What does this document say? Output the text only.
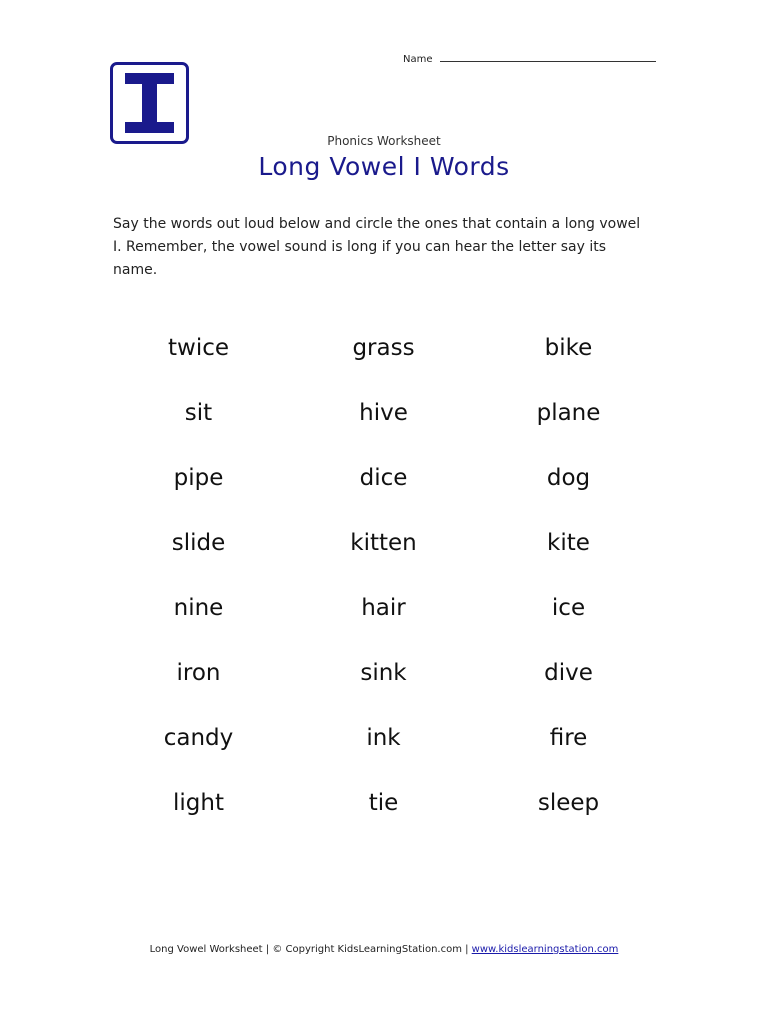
Name
Phonics Worksheet
Long Vowel I Words
Say the words out loud below and circle the ones that contain a long vowel I. Remember, the vowel sound is long if you can hear the letter say its name.
twice	grass	bike
sit	hive	plane
pipe	dice	dog
slide	kitten	kite
nine	hair	ice
iron	sink	dive
candy	ink	fire
light	tie	sleep
Long Vowel Worksheet | © Copyright KidsLearningStation.com | www.kidslearningstation.com
